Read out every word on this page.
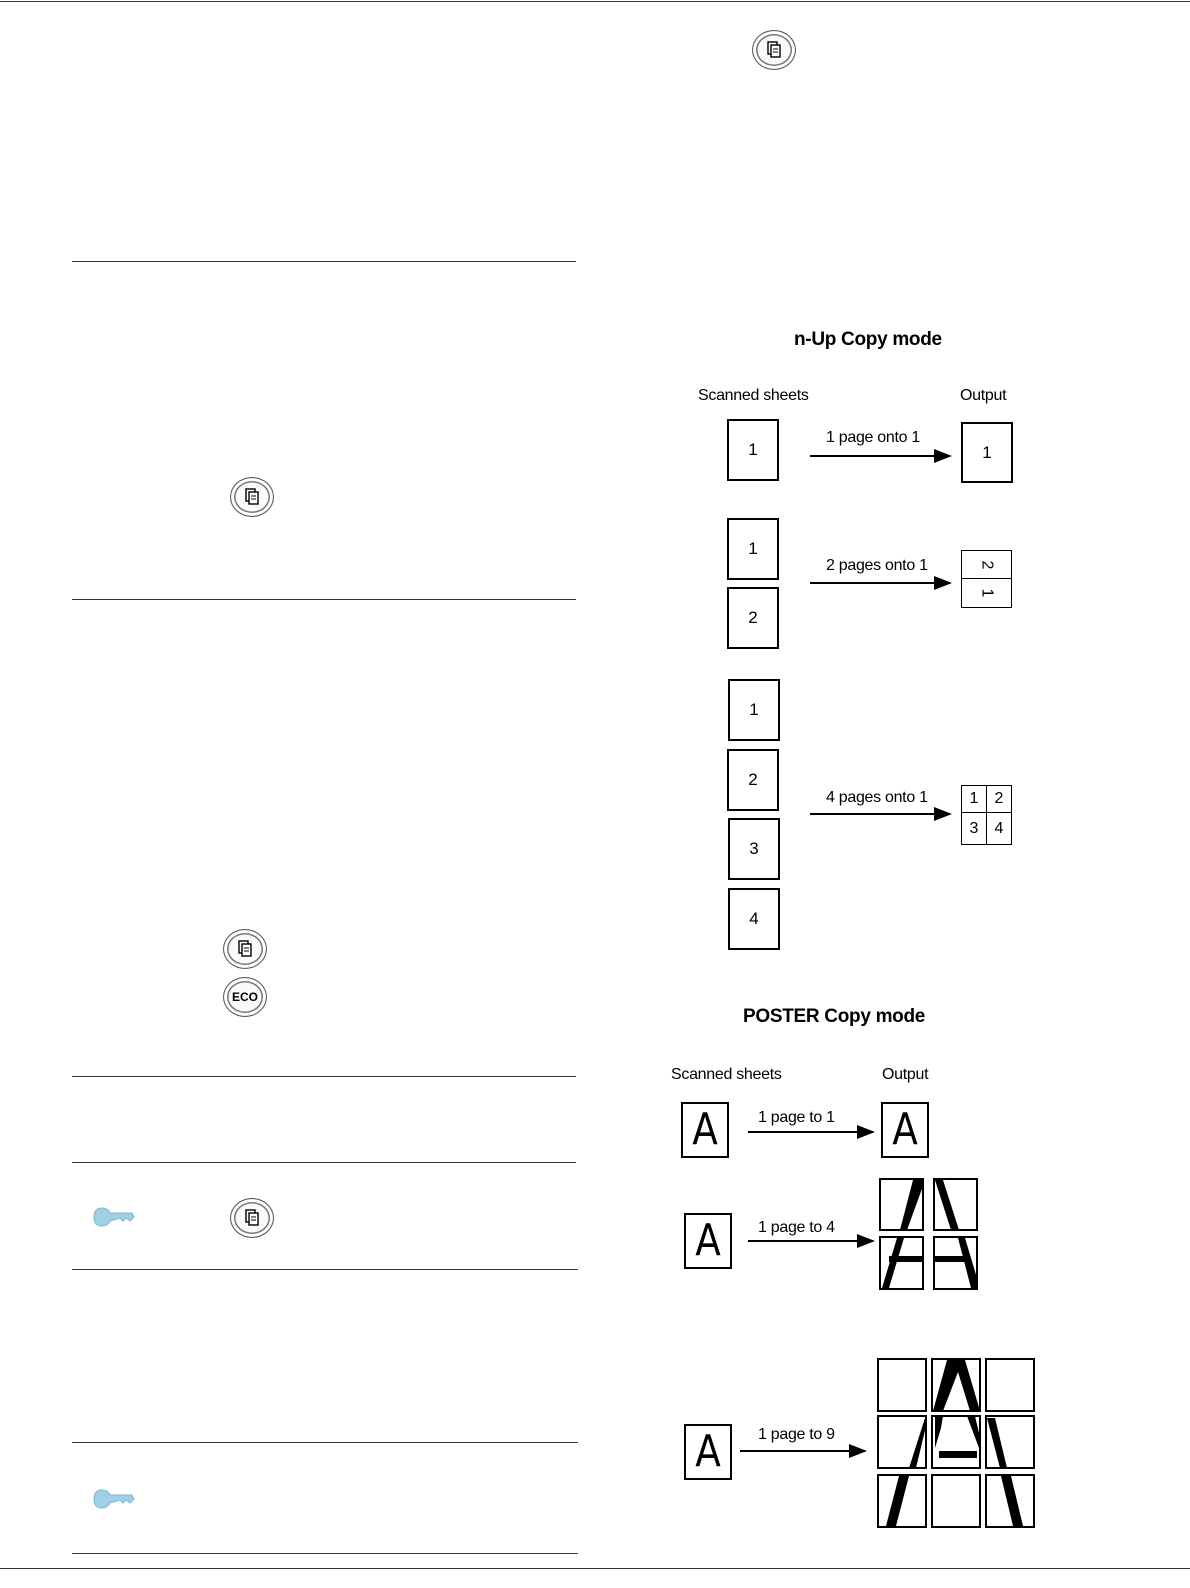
ECO
n-Up Copy mode
Scanned sheets	Output
1
1 page onto 1
1
1
2
2 pages onto 1	2
1
1
2
3
4
4 pages onto 1	1 2
3 4
POSTER Copy mode
Scanned sheets	Output
A	1 page to 1 A
A 1 page to 4
A 1 page to 9
